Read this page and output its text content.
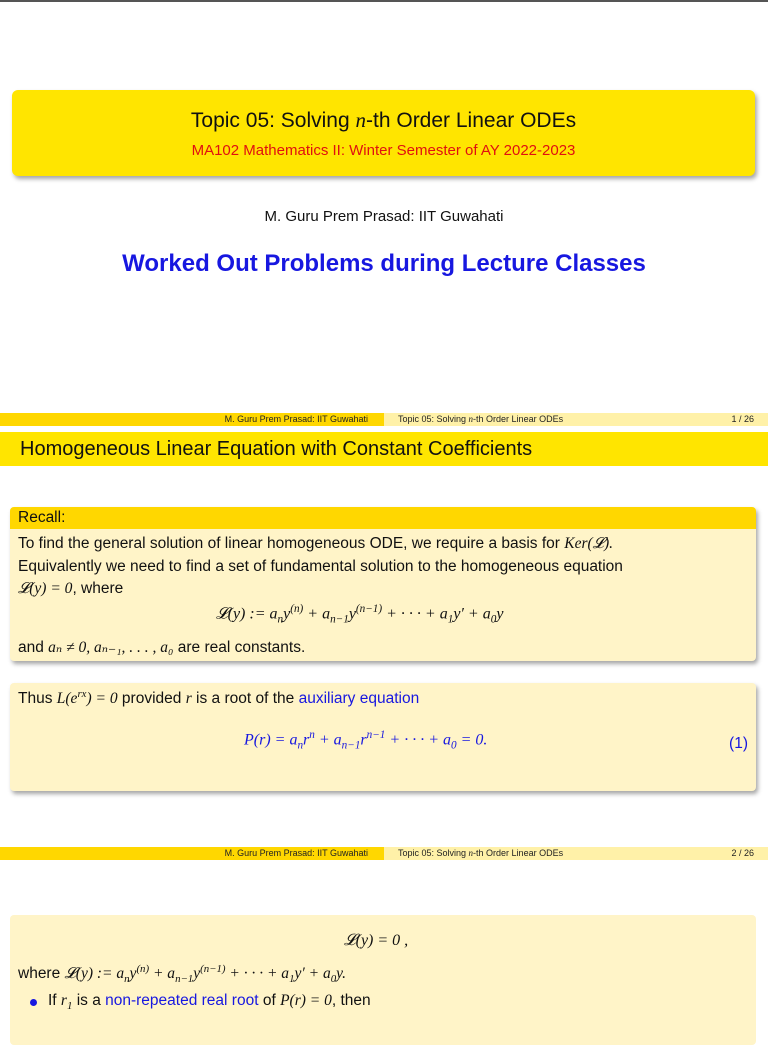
Topic 05: Solving n-th Order Linear ODEs
MA102 Mathematics II: Winter Semester of AY 2022-2023
M. Guru Prem Prasad: IIT Guwahati
Worked Out Problems during Lecture Classes
M. Guru Prem Prasad: IIT Guwahati	Topic 05: Solving n-th Order Linear ODEs	1 / 26
Homogeneous Linear Equation with Constant Coefficients
Recall:
To find the general solution of linear homogeneous ODE, we require a basis for Ker(𝓛).
Equivalently we need to find a set of fundamental solution to the homogeneous equation
𝓛(y) = 0, where
𝓛(y) := $a_ny^{(n)} + a_{n-1}y^{(n-1)}$ + · · · + $a_1y' + a_0y$
and aₙ ≠ 0, aₙ₋₁, . . . , a₀ are real constants.
Thus $L(e^{rx}) = 0$ provided r is a root of the auxiliary equation
$P(r) = a_nr^n + a_{n-1}r^{n-1}$ + · · · + $a_0 = 0$.	(1)
M. Guru Prem Prasad: IIT Guwahati	Topic 05: Solving n-th Order Linear ODEs	2 / 26
𝓛(y) = 0 ,
where 𝓛(y) := $a_ny^{(n)} + a_{n-1}y^{(n-1)}$ + · · · + $a_1y' + a_0y$.
If $r_1$ is a non-repeated real root of P(r) = 0, then
